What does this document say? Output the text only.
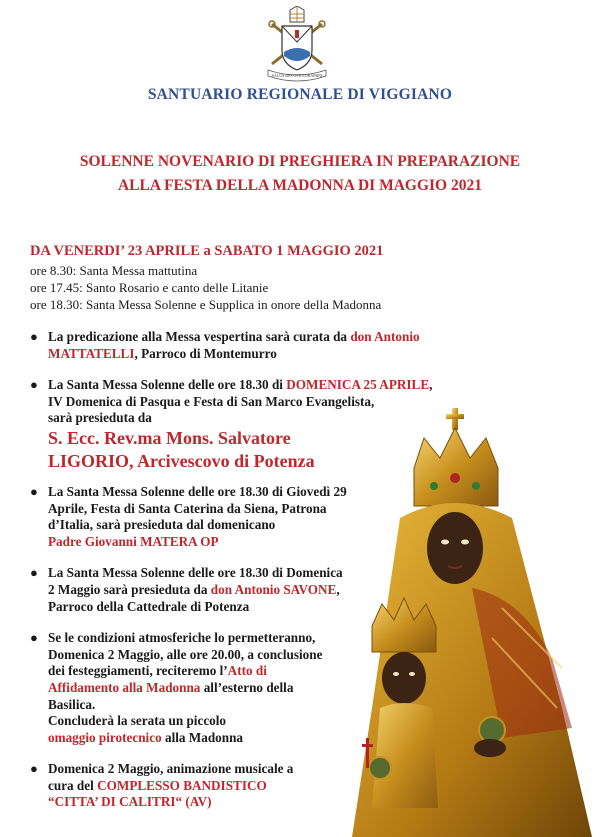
SALUS DEVOTE LORAMINI
SANTUARIO REGIONALE DI VIGGIANO
SOLENNE NOVENARIO DI PREGHIERA IN PREPARAZIONE
ALLA FESTA DELLA MADONNA DI MAGGIO 2021
DA VENERDI’ 23 APRILE a SABATO 1 MAGGIO 2021
ore 8.30: Santa Messa mattutina
ore 17.45: Santo Rosario e canto delle Litanie
ore 18.30: Santa Messa Solenne e Supplica in onore della Madonna
● La predicazione alla Messa vespertina sarà curata da don Antonio
MATTATELLI, Parroco di Montemurro
● La Santa Messa Solenne delle ore 18.30 di DOMENICA 25 APRILE,
IV Domenica di Pasqua e Festa di San Marco Evangelista,
sarà presieduta da
S. Ecc. Rev.ma Mons. Salvatore
LIGORIO, Arcivescovo di Potenza
● La Santa Messa Solenne delle ore 18.30 di Giovedì 29
Aprile, Festa di Santa Caterina da Siena, Patrona
d’Italia, sarà presieduta dal domenicano
Padre Giovanni MATERA OP
● La Santa Messa Solenne delle ore 18.30 di Domenica
2 Maggio sarà presieduta da don Antonio SAVONE,
Parroco della Cattedrale di Potenza
● Se le condizioni atmosferiche lo permetteranno,
Domenica 2 Maggio, alle ore 20.00, a conclusione
dei festeggiamenti, reciteremo l’Atto di
Affidamento alla Madonna all’esterno della
Basilica.
Concluderà la serata un piccolo
omaggio pirotecnico alla Madonna
● Domenica 2 Maggio, animazione musicale a
cura del COMPLESSO BANDISTICO
“CITTA’ DI CALITRI“ (AV)
